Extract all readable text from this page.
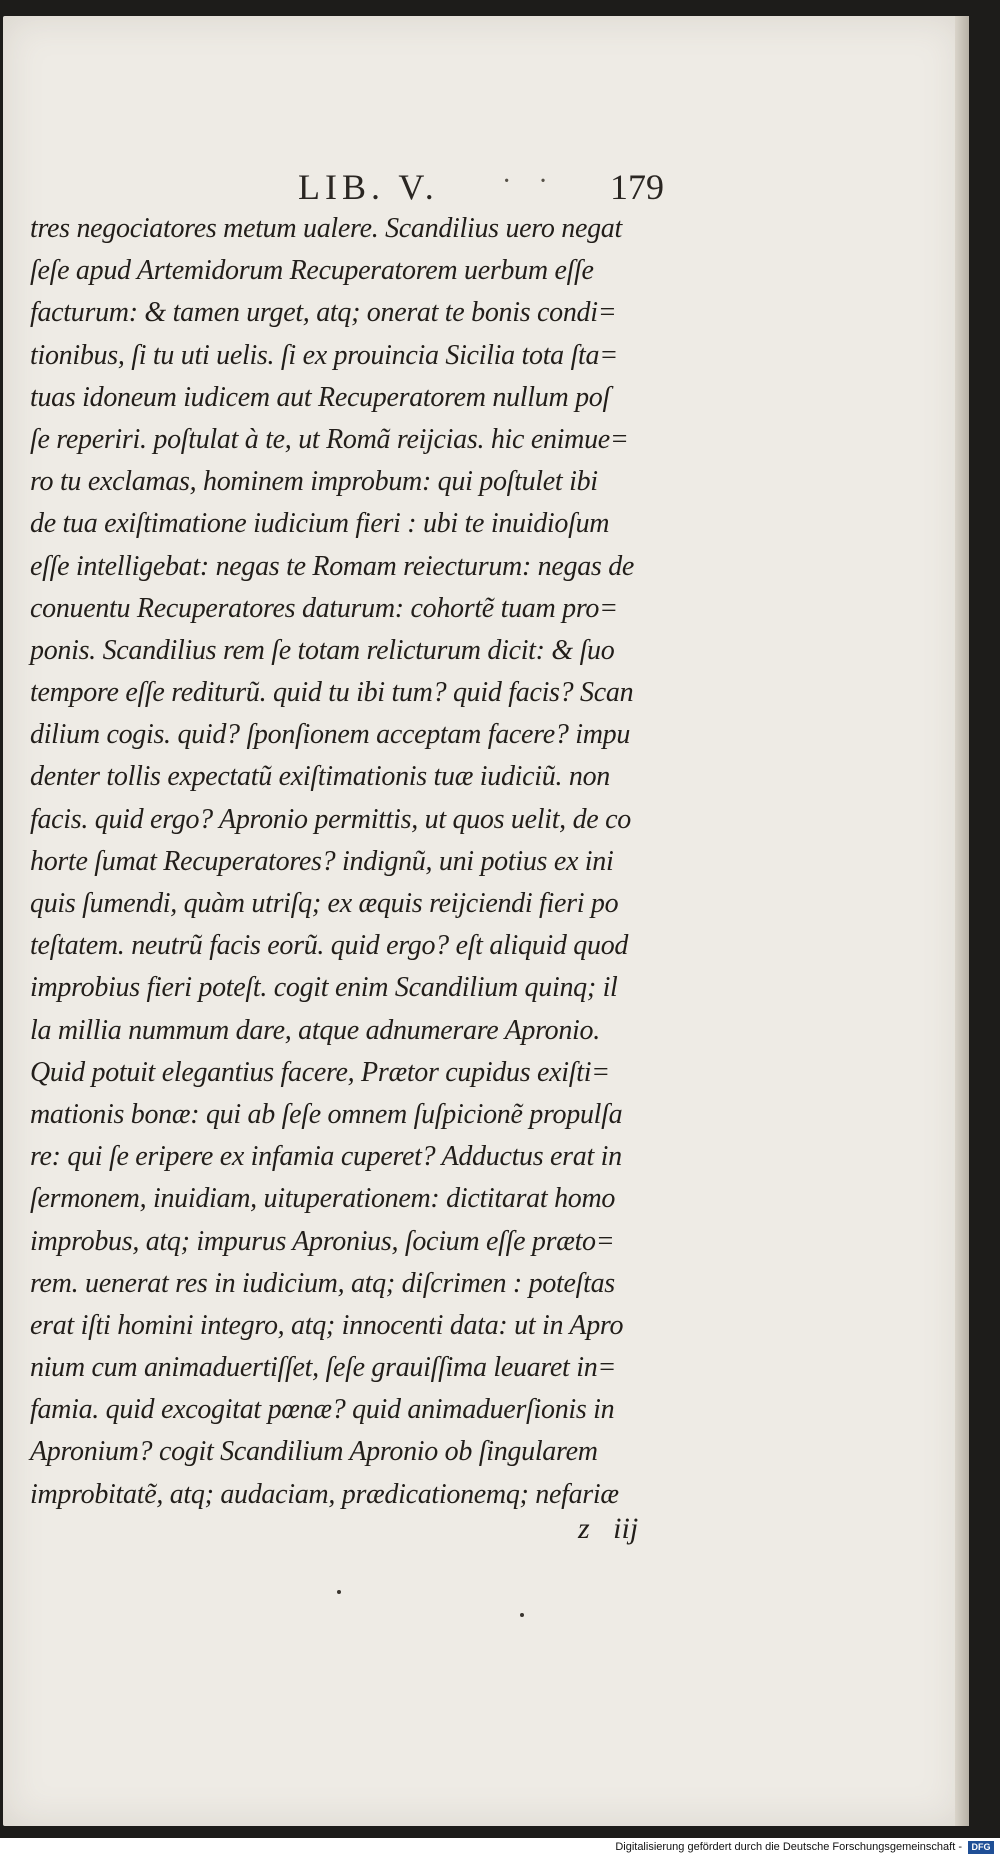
LIB. V. · · 179
tres negociatores metum ualere. Scandilius uero negat
ſeſe apud Artemidorum Recuperatorem uerbum eſſe
facturum: & tamen urget, atq; onerat te bonis condi=
tionibus, ſi tu uti uelis. ſi ex prouincia Sicilia tota ſta=
tuas idoneum iudicem aut Recuperatorem nullum poſ
ſe reperiri. poſtulat à te, ut Romã reijcias. hic enimue=
ro tu exclamas, hominem improbum: qui poſtulet ibi
de tua exiſtimatione iudicium fieri : ubi te inuidioſum
eſſe intelligebat: negas te Romam reiecturum: negas de
conuentu Recuperatores daturum: cohortẽ tuam pro=
ponis. Scandilius rem ſe totam relicturum dicit: & ſuo
tempore eſſe rediturũ. quid tu ibi tum? quid facis? Scan
dilium cogis. quid? ſponſionem acceptam facere? impu
denter tollis expectatũ exiſtimationis tuæ iudiciũ. non
facis. quid ergo? Apronio permittis, ut quos uelit, de co
horte ſumat Recuperatores? indignũ, uni potius ex ini
quis ſumendi, quàm utriſq; ex æquis reijciendi fieri po
teſtatem. neutrũ facis eorũ. quid ergo? eſt aliquid quod
improbius fieri poteſt. cogit enim Scandilium quinq; il
la millia nummum dare, atque adnumerare Apronio.
Quid potuit elegantius facere, Prætor cupidus exiſti=
mationis bonæ: qui ab ſeſe omnem ſuſpicionẽ propulſa
re: qui ſe eripere ex infamia cuperet? Adductus erat in
ſermonem, inuidiam, uituperationem: dictitarat homo
improbus, atq; impurus Apronius, ſocium eſſe præto=
rem. uenerat res in iudicium, atq; diſcrimen : poteſtas
erat iſti homini integro, atq; innocenti data: ut in Apro
nium cum animaduertiſſet, ſeſe grauiſſima leuaret in=
famia. quid excogitat pœnæ? quid animaduerſionis in
Apronium? cogit Scandilium Apronio ob ſingularem
improbitatẽ, atq; audaciam, prædicationemq; nefariæ
z iij
Digitalisierung gefördert durch die Deutsche Forschungsgemeinschaft -	DFG
